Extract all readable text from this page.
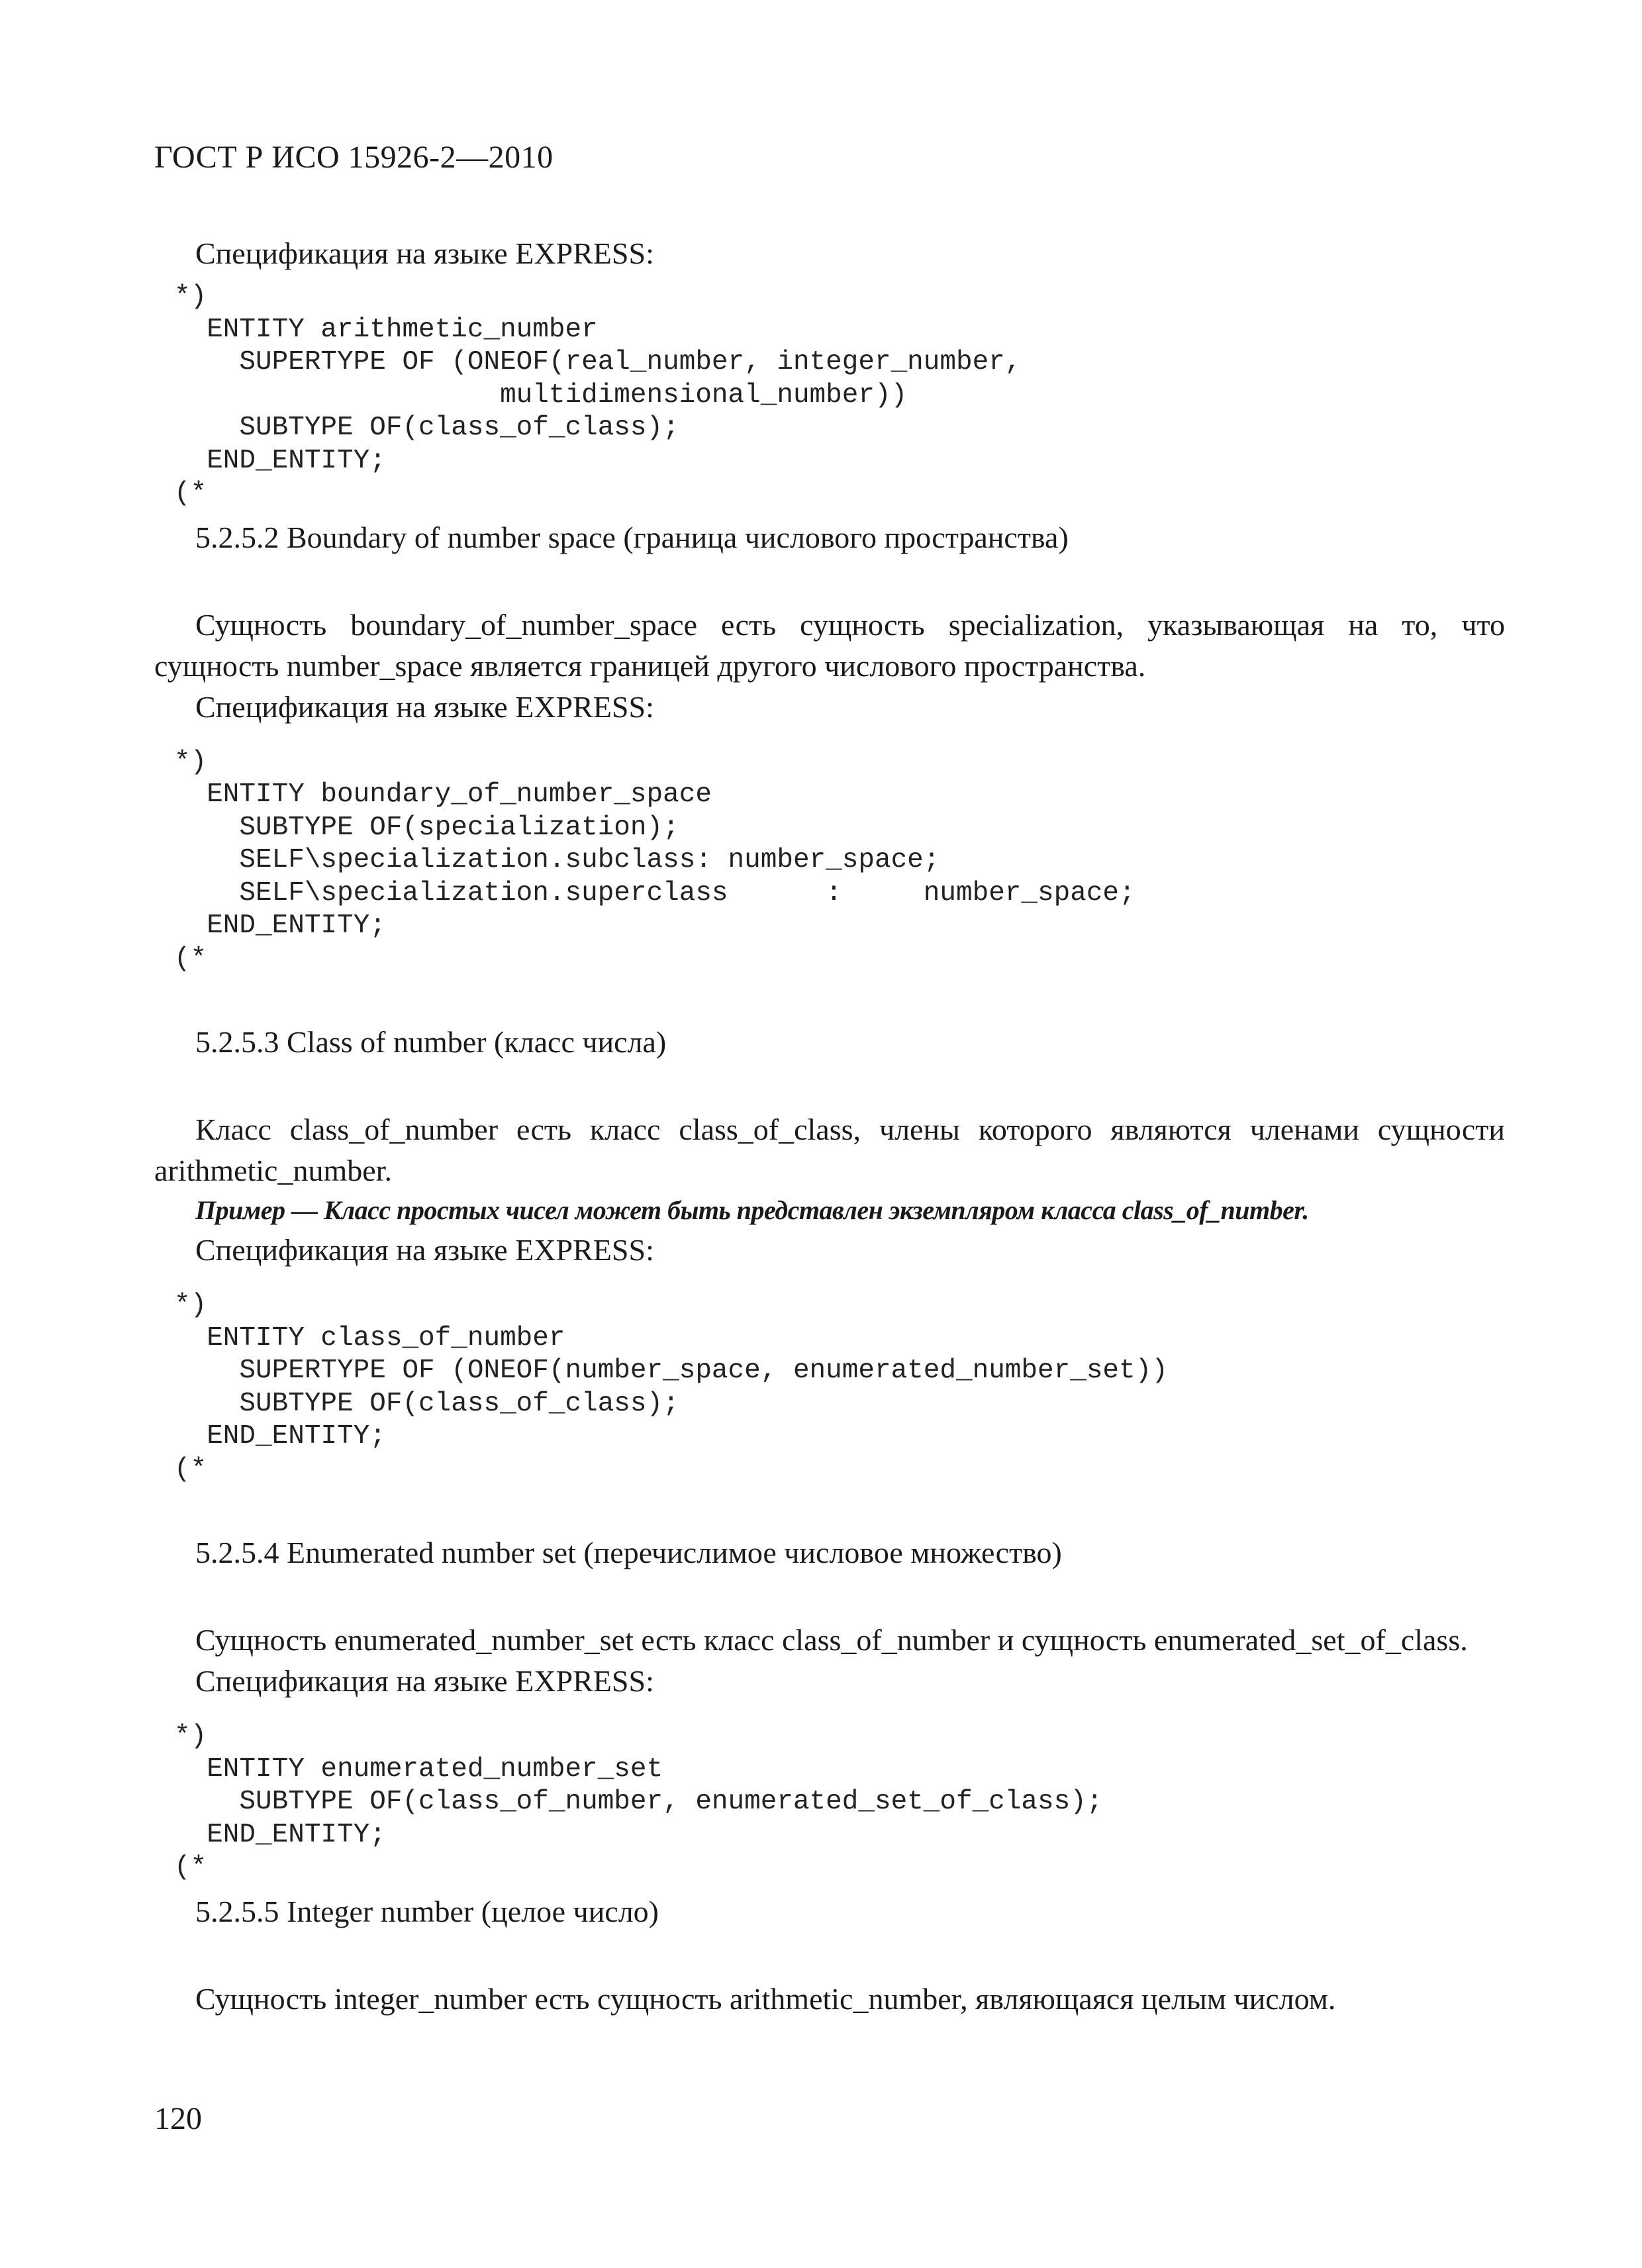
ГОСТ Р ИСО 15926-2—2010

Спецификация на языке EXPRESS:

*)
ENTITY arithmetic_number
SUPERTYPE OF (ONEOF(real_number, integer_number,
multidimensional_number))
SUBTYPE OF(class_of_class);
END_ENTITY;
(*

5.2.5.2 Boundary of number space (граница числового пространства)

Сущность boundary_of_number_space есть сущность specialization, указывающая на то, что сущность number_space является границей другого числового пространства.

Спецификация на языке EXPRESS:

*)
ENTITY boundary_of_number_space
SUBTYPE OF(specialization);
SELF\specialization.subclass: number_space;
SELF\specialization.superclass      :     number_space;
END_ENTITY;
(*

5.2.5.3 Class of number (класс числа)

Класс class_of_number есть класс class_of_class, члены которого являются членами сущности arithmetic_number.

Пример — Класс простых чисел может быть представлен экземпляром класса class_of_number.

Спецификация на языке EXPRESS:

*)
ENTITY class_of_number
SUPERTYPE OF (ONEOF(number_space, enumerated_number_set))
SUBTYPE OF(class_of_class);
END_ENTITY;
(*

5.2.5.4 Enumerated number set (перечислимое числовое множество)

Сущность enumerated_number_set есть класс class_of_number и сущность enumerated_set_of_class.

Спецификация на языке EXPRESS:

*)
ENTITY enumerated_number_set
SUBTYPE OF(class_of_number, enumerated_set_of_class);
END_ENTITY;
(*

5.2.5.5 Integer number (целое число)

Сущность integer_number есть сущность arithmetic_number, являющаяся целым числом.

120
